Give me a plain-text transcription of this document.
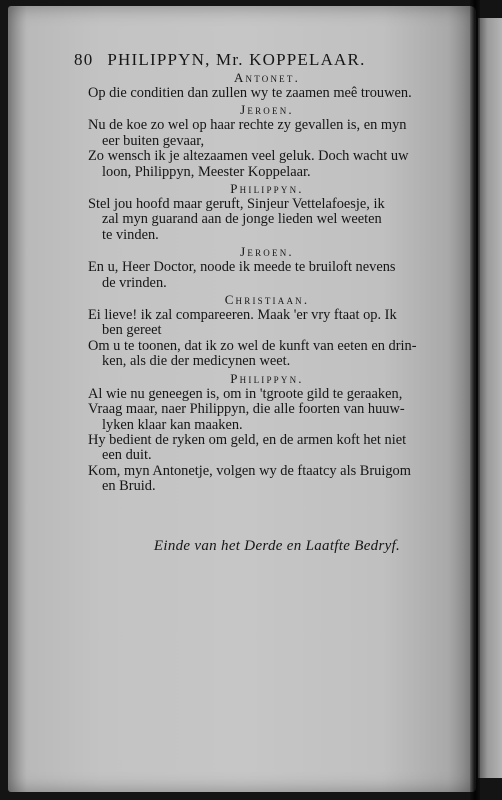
80 PHILIPPYN, Mr. KOPPELAAR.
Antonet.
Op die conditien dan zullen wy te zaamen meê trouwen.
Jeroen.
Nu de koe zo wel op haar rechte zy gevallen is, en myn
eer buiten gevaar,
Zo wensch ik je altezaamen veel geluk. Doch wacht uw
loon, Philippyn, Meester Koppelaar.
Philippyn.
Stel jou hoofd maar geruft, Sinjeur Vettelafoesje, ik
zal myn guarand aan de jonge lieden wel weeten
te vinden.
Jeroen.
En u, Heer Doctor, noode ik meede te bruiloft nevens
de vrinden.
Christiaan.
Ei lieve! ik zal compareeren. Maak 'er vry ftaat op. Ik
ben gereet
Om u te toonen, dat ik zo wel de kunft van eeten en drin-
ken, als die der medicynen weet.
Philippyn.
Al wie nu geneegen is, om in 'tgroote gild te geraaken,
Vraag maar, naer Philippyn, die alle foorten van huuw-
lyken klaar kan maaken.
Hy bedient de ryken om geld, en de armen koft het niet
een duit.
Kom, myn Antonetje, volgen wy de ftaatcy als Bruigom
en Bruid.
Einde van het Derde en Laatfte Bedryf.
